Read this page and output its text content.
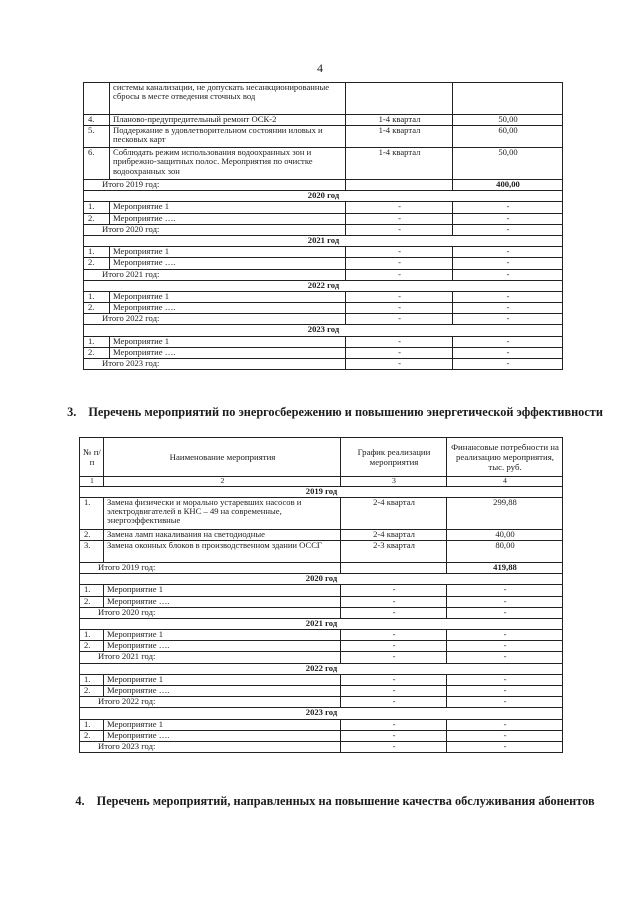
4
	системы канализации, не допускать несанкционированные сбросы в месте отведения сточных вод		
4.	Планово-предупредительный ремонт ОСК-2	1-4 квартал	50,00
5.	Поддержание в удовлетворительном состоянии иловых и песковых карт	1-4 квартал	60,00
6.	Соблюдать режим использования водоохранных зон и прибрежно-защитных полос. Мероприятия по очистке водоохранных зон	1-4 квартал	50,00
Итого 2019 год:			400,00
2020 год			
1.	Мероприятие 1	-	-
2.	Мероприятие ….	-	-
Итого 2020 год:		-	-
2021 год			
1.	Мероприятие 1	-	-
2.	Мероприятие ….	-	-
Итого 2021 год:		-	-
2022 год			
1.	Мероприятие 1	-	-
2.	Мероприятие ….	-	-
Итого 2022 год:		-	-
2023 год			
1.	Мероприятие 1	-	-
2.	Мероприятие ….	-	-
Итого 2023 год:		-	-
3. Перечень мероприятий по энергосбережению и повышению энергетической эффективности
№ п/п	Наименование мероприятия	График реализации мероприятия	Финансовые потребности на реализацию мероприятия, тыс. руб.
1	2	3	4
2019 год			
1.	Замена физически и морально устаревших насосов и электродвигателей в КНС – 49 на современные, энергоэффективные	2-4 квартал	299,88
2.	Замена ламп накаливания на светодиодные	2-4 квартал	40,00
3.	Замена оконных блоков в производственном здании ОССГ	2-3 квартал	80,00
Итого 2019 год:			419,88
2020 год			
1.	Мероприятие 1	-	-
2.	Мероприятие ….	-	-
Итого 2020 год:		-	-
2021 год			
1.	Мероприятие 1	-	-
2.	Мероприятие ….	-	-
Итого 2021 год:		-	-
2022 год			
1.	Мероприятие 1	-	-
2.	Мероприятие ….	-	-
Итого 2022 год:		-	-
2023 год			
1.	Мероприятие 1	-	-
2.	Мероприятие ….	-	-
Итого 2023 год:		-	-
4. Перечень мероприятий, направленных на повышение качества обслуживания абонентов
